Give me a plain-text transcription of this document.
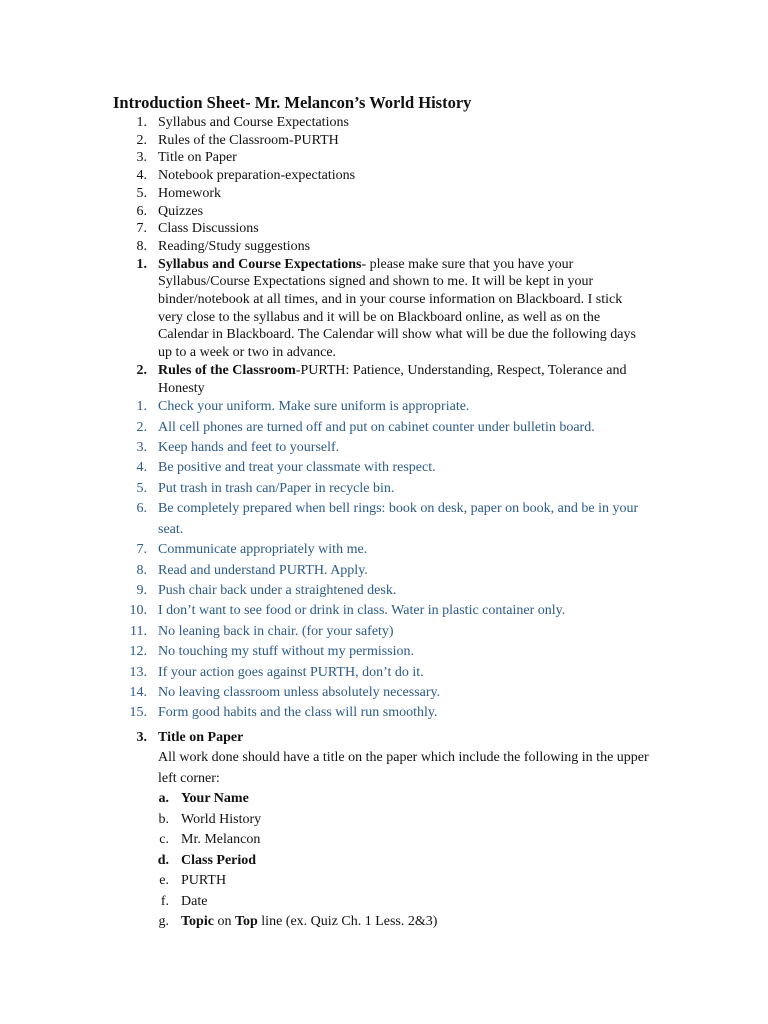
Introduction Sheet- Mr. Melancon’s World History
1. Syllabus and Course Expectations
2. Rules of the Classroom-PURTH
3. Title on Paper
4. Notebook preparation-expectations
5. Homework
6. Quizzes
7. Class Discussions
8. Reading/Study suggestions
1. Syllabus and Course Expectations- please make sure that you have your Syllabus/Course Expectations signed and shown to me. It will be kept in your binder/notebook at all times, and in your course information on Blackboard. I stick very close to the syllabus and it will be on Blackboard online, as well as on the Calendar in Blackboard. The Calendar will show what will be due the following days up to a week or two in advance.
2. Rules of the Classroom-PURTH: Patience, Understanding, Respect, Tolerance and Honesty
1. Check your uniform. Make sure uniform is appropriate.
2. All cell phones are turned off and put on cabinet counter under bulletin board.
3. Keep hands and feet to yourself.
4. Be positive and treat your classmate with respect.
5. Put trash in trash can/Paper in recycle bin.
6. Be completely prepared when bell rings: book on desk, paper on book, and be in your seat.
7. Communicate appropriately with me.
8. Read and understand PURTH. Apply.
9. Push chair back under a straightened desk.
10. I don’t want to see food or drink in class. Water in plastic container only.
11. No leaning back in chair. (for your safety)
12. No touching my stuff without my permission.
13. If your action goes against PURTH, don’t do it.
14. No leaving classroom unless absolutely necessary.
15. Form good habits and the class will run smoothly.
3. Title on Paper
All work done should have a title on the paper which include the following in the upper left corner:
a. Your Name
b. World History
c. Mr. Melancon
d. Class Period
e. PURTH
f. Date
g. Topic on Top line (ex. Quiz Ch. 1 Less. 2&3)
